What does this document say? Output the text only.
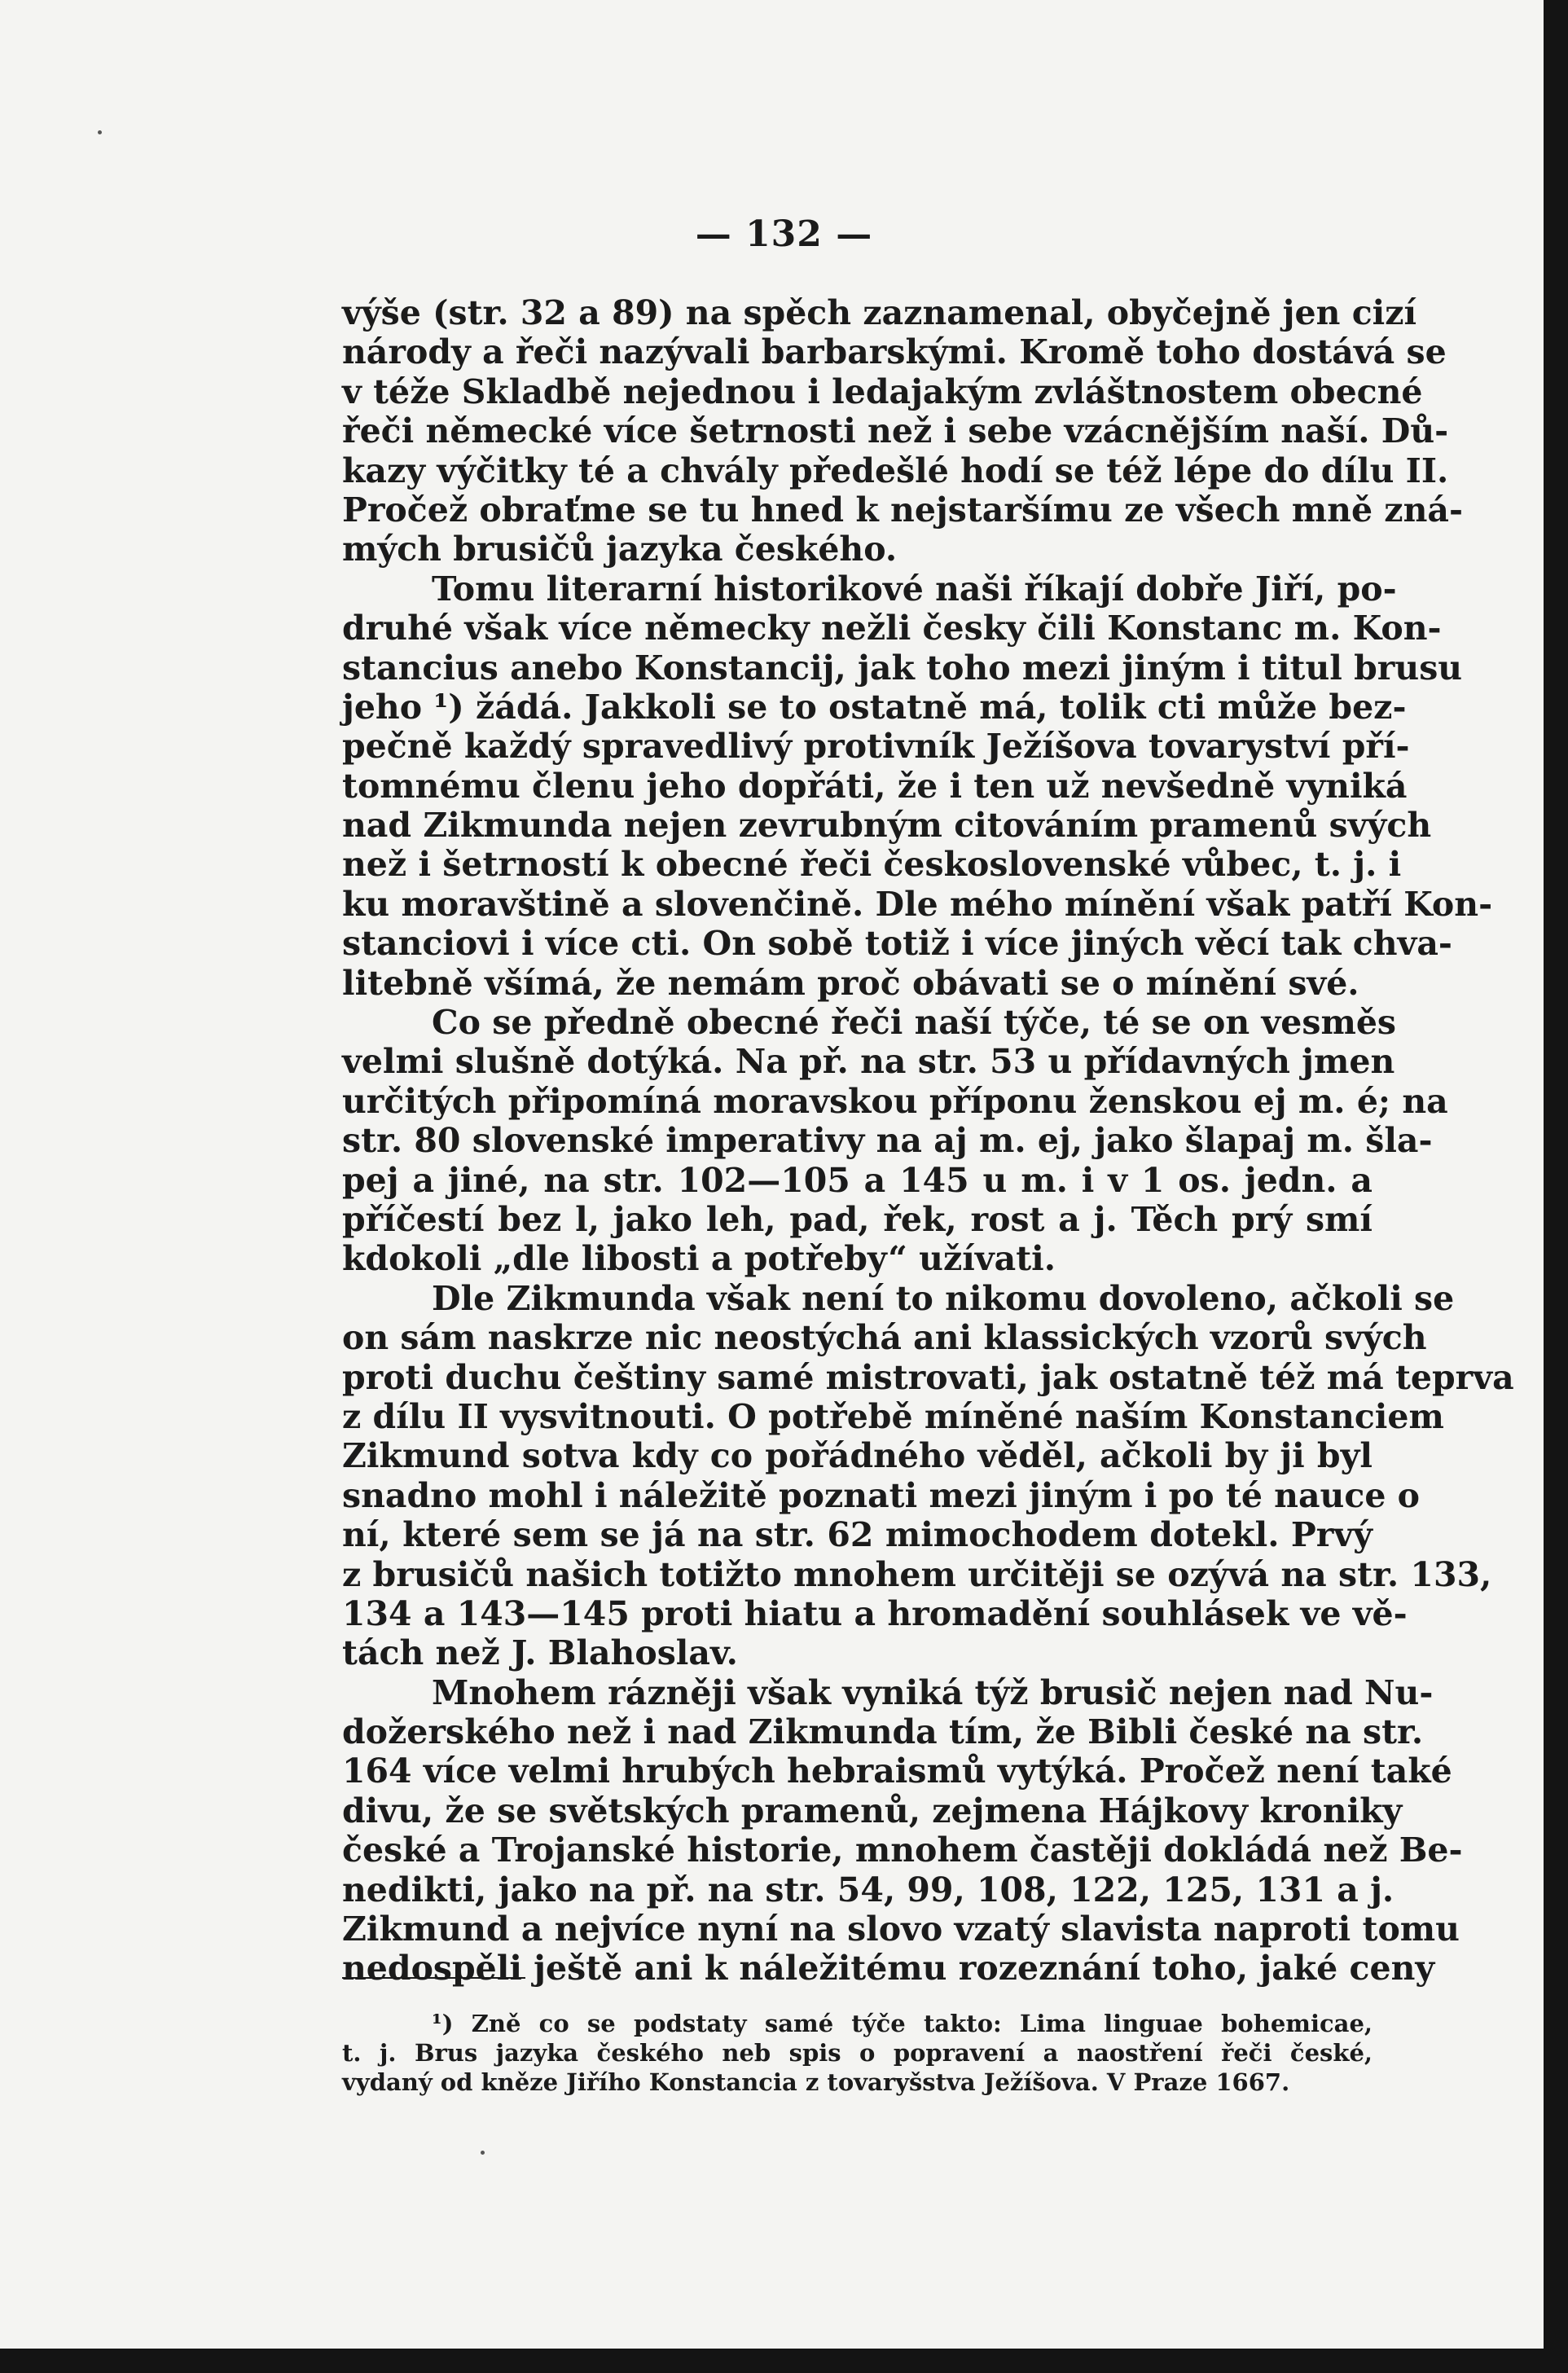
— 132 —
výše (str. 32 a 89) na spěch zaznamenal, obyčejně jen cizí
národy a řeči nazývali barbarskými. Kromě toho dostává se
v téže Skladbě nejednou i ledajakým zvláštnostem obecné
řeči německé více šetrnosti než i sebe vzácnějším naší. Dů-
kazy výčitky té a chvály předešlé hodí se též lépe do dílu II.
Pročež obraťme se tu hned k nejstaršímu ze všech mně zná-
mých brusičů jazyka českého.
Tomu literarní historikové naši říkají dobře Jiří, po-
druhé však více německy nežli česky čili Konstanc m. Kon-
stancius anebo Konstancij, jak toho mezi jiným i titul brusu
jeho ¹) žádá. Jakkoli se to ostatně má, tolik cti může bez-
pečně každý spravedlivý protivník Ježíšova tovaryství pří-
tomnému členu jeho dopřáti, že i ten už nevšedně vyniká
nad Zikmunda nejen zevrubným citováním pramenů svých
než i šetrností k obecné řeči československé vůbec, t. j. i
ku moravštině a slovenčině. Dle mého mínění však patří Kon-
stanciovi i více cti. On sobě totiž i více jiných věcí tak chva-
litebně všímá, že nemám proč obávati se o mínění své.
Co se předně obecné řeči naší týče, té se on vesměs
velmi slušně dotýká. Na př. na str. 53 u přídavných jmen
určitých připomíná moravskou příponu ženskou ej m. é; na
str. 80 slovenské imperativy na aj m. ej, jako šlapaj m. šla-
pej a jiné, na str. 102—105 a 145 u m. i v 1 os. jedn. a
příčestí bez l, jako leh, pad, řek, rost a j. Těch prý smí
kdokoli „dle libosti a potřeby“ užívati.
Dle Zikmunda však není to nikomu dovoleno, ačkoli se
on sám naskrze nic neostýchá ani klassických vzorů svých
proti duchu češtiny samé mistrovati, jak ostatně též má teprva
z dílu II vysvitnouti. O potřebě míněné naším Konstanciem
Zikmund sotva kdy co pořádného věděl, ačkoli by ji byl
snadno mohl i náležitě poznati mezi jiným i po té nauce o
ní, které sem se já na str. 62 mimochodem dotekl. Prvý
z brusičů našich totižto mnohem určitěji se ozývá na str. 133,
134 a 143—145 proti hiatu a hromadění souhlásek ve vě-
tách než J. Blahoslav.
Mnohem rázněji však vyniká týž brusič nejen nad Nu-
dožerského než i nad Zikmunda tím, že Bibli české na str.
164 více velmi hrubých hebraismů vytýká. Pročež není také
divu, že se světských pramenů, zejmena Hájkovy kroniky
české a Trojanské historie, mnohem častěji dokládá než Be-
nedikti, jako na př. na str. 54, 99, 108, 122, 125, 131 a j.
Zikmund a nejvíce nyní na slovo vzatý slavista naproti tomu
nedospěli ještě ani k náležitému rozeznání toho, jaké ceny
¹) Zně co se podstaty samé týče takto: Lima linguae bohemicae,
t. j. Brus jazyka českého neb spis o popravení a naostření řeči české,
vydaný od kněze Jiřího Konstancia z tovaryšstva Ježíšova. V Praze 1667.
